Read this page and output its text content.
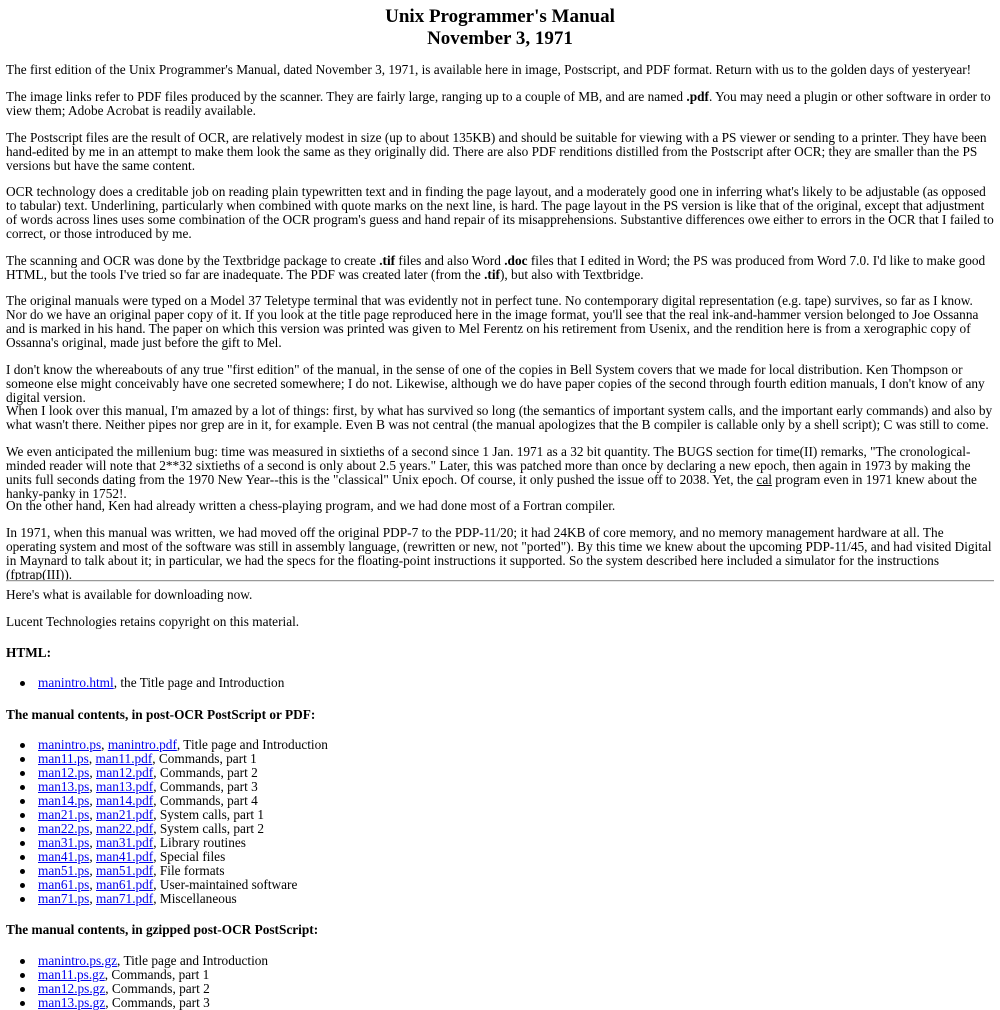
Unix Programmer's Manual
November 3, 1971

The first edition of the Unix Programmer's Manual, dated November 3, 1971, is available here in image, Postscript, and PDF format. Return with us to the golden days of yesteryear!

The image links refer to PDF files produced by the scanner. They are fairly large, ranging up to a couple of MB, and are named .pdf. You may need a plugin or other software in order to view them; Adobe Acrobat is readily available.

The Postscript files are the result of OCR, are relatively modest in size (up to about 135KB) and should be suitable for viewing with a PS viewer or sending to a printer. They have been hand-edited by me in an attempt to make them look the same as they originally did. There are also PDF renditions distilled from the Postscript after OCR; they are smaller than the PS versions but have the same content.

OCR technology does a creditable job on reading plain typewritten text and in finding the page layout, and a moderately good one in inferring what's likely to be adjustable (as opposed to tabular) text. Underlining, particularly when combined with quote marks on the next line, is hard. The page layout in the PS version is like that of the original, except that adjustment of words across lines uses some combination of the OCR program's guess and hand repair of its misapprehensions. Substantive differences owe either to errors in the OCR that I failed to correct, or those introduced by me.

The scanning and OCR was done by the Textbridge package to create .tif files and also Word .doc files that I edited in Word; the PS was produced from Word 7.0. I'd like to make good HTML, but the tools I've tried so far are inadequate. The PDF was created later (from the .tif), but also with Textbridge.

The original manuals were typed on a Model 37 Teletype terminal that was evidently not in perfect tune. No contemporary digital representation (e.g. tape) survives, so far as I know. Nor do we have an original paper copy of it. If you look at the title page reproduced here in the image format, you'll see that the real ink-and-hammer version belonged to Joe Ossanna and is marked in his hand. The paper on which this version was printed was given to Mel Ferentz on his retirement from Usenix, and the rendition here is from a xerographic copy of Ossanna's original, made just before the gift to Mel.

I don't know the whereabouts of any true "first edition" of the manual, in the sense of one of the copies in Bell System covers that we made for local distribution. Ken Thompson or someone else might conceivably have one secreted somewhere; I do not. Likewise, although we do have paper copies of the second through fourth edition manuals, I don't know of any digital version.

When I look over this manual, I'm amazed by a lot of things: first, by what has survived so long (the semantics of important system calls, and the important early commands) and also by what wasn't there. Neither pipes nor grep are in it, for example. Even B was not central (the manual apologizes that the B compiler is callable only by a shell script); C was still to come.

We even anticipated the millenium bug: time was measured in sixtieths of a second since 1 Jan. 1971 as a 32 bit quantity. The BUGS section for time(II) remarks, "The cronological-minded reader will note that 2**32 sixtieths of a second is only about 2.5 years." Later, this was patched more than once by declaring a new epoch, then again in 1973 by making the units full seconds dating from the 1970 New Year--this is the "classical" Unix epoch. Of course, it only pushed the issue off to 2038. Yet, the cal program even in 1971 knew about the hanky-panky in 1752!.

On the other hand, Ken had already written a chess-playing program, and we had done most of a Fortran compiler.

In 1971, when this manual was written, we had moved off the original PDP-7 to the PDP-11/20; it had 24KB of core memory, and no memory management hardware at all. The operating system and most of the software was still in assembly language, (rewritten or new, not "ported"). By this time we knew about the upcoming PDP-11/45, and had visited Digital in Maynard to talk about it; in particular, we had the specs for the floating-point instructions it supported. So the system described here included a simulator for the instructions (fptrap(III)).

Here's what is available for downloading now.

Lucent Technologies retains copyright on this material.

HTML:

manintro.html, the Title page and Introduction

The manual contents, in post-OCR PostScript or PDF:

manintro.ps, manintro.pdf, Title page and Introduction
man11.ps, man11.pdf, Commands, part 1
man12.ps, man12.pdf, Commands, part 2
man13.ps, man13.pdf, Commands, part 3
man14.ps, man14.pdf, Commands, part 4
man21.ps, man21.pdf, System calls, part 1
man22.ps, man22.pdf, System calls, part 2
man31.ps, man31.pdf, Library routines
man41.ps, man41.pdf, Special files
man51.ps, man51.pdf, File formats
man61.ps, man61.pdf, User-maintained software
man71.ps, man71.pdf, Miscellaneous

The manual contents, in gzipped post-OCR PostScript:

manintro.ps.gz, Title page and Introduction
man11.ps.gz, Commands, part 1
man12.ps.gz, Commands, part 2
man13.ps.gz, Commands, part 3
